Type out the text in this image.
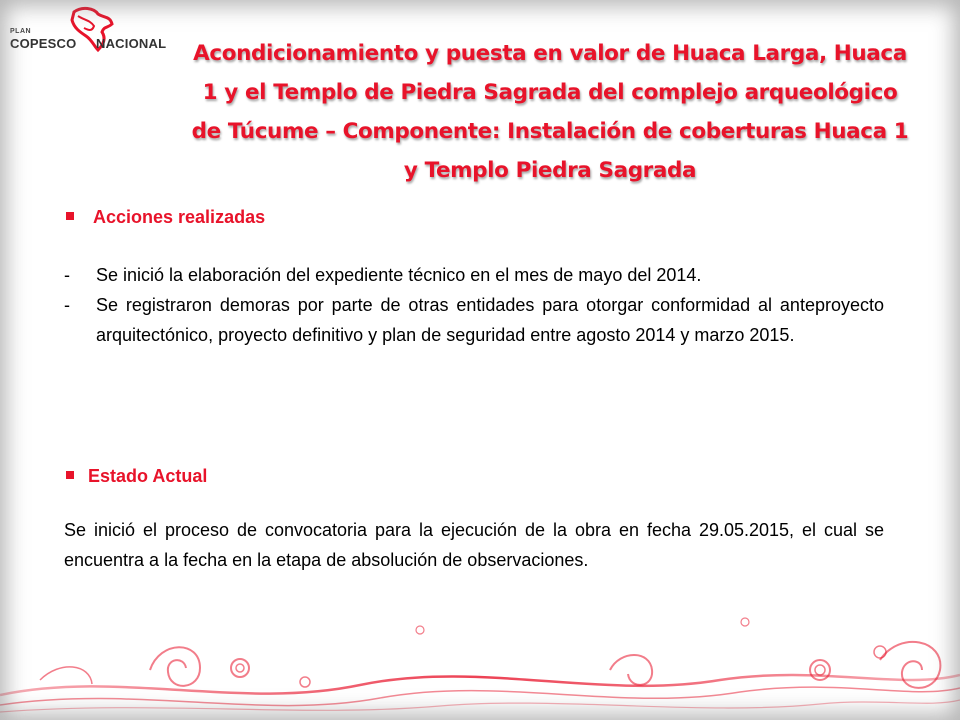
PLAN
COPESCO NACIONAL Acondicionamiento y puesta en valor de Huaca Larga, Huaca 1 y el Templo de Piedra Sagrada del complejo arqueológico de Túcume – Componente: Instalación de coberturas Huaca 1 y Templo Piedra Sagrada
Acciones realizadas
- Se inició la elaboración del expediente técnico en el mes de mayo del 2014.
- Se registraron demoras por parte de otras entidades para otorgar conformidad al anteproyecto arquitectónico, proyecto definitivo y plan de seguridad entre agosto 2014 y marzo 2015.
Estado Actual
Se inició el proceso de convocatoria para la ejecución de la obra en fecha 29.05.2015, el cual se encuentra a la fecha en la etapa de absolución de observaciones.
